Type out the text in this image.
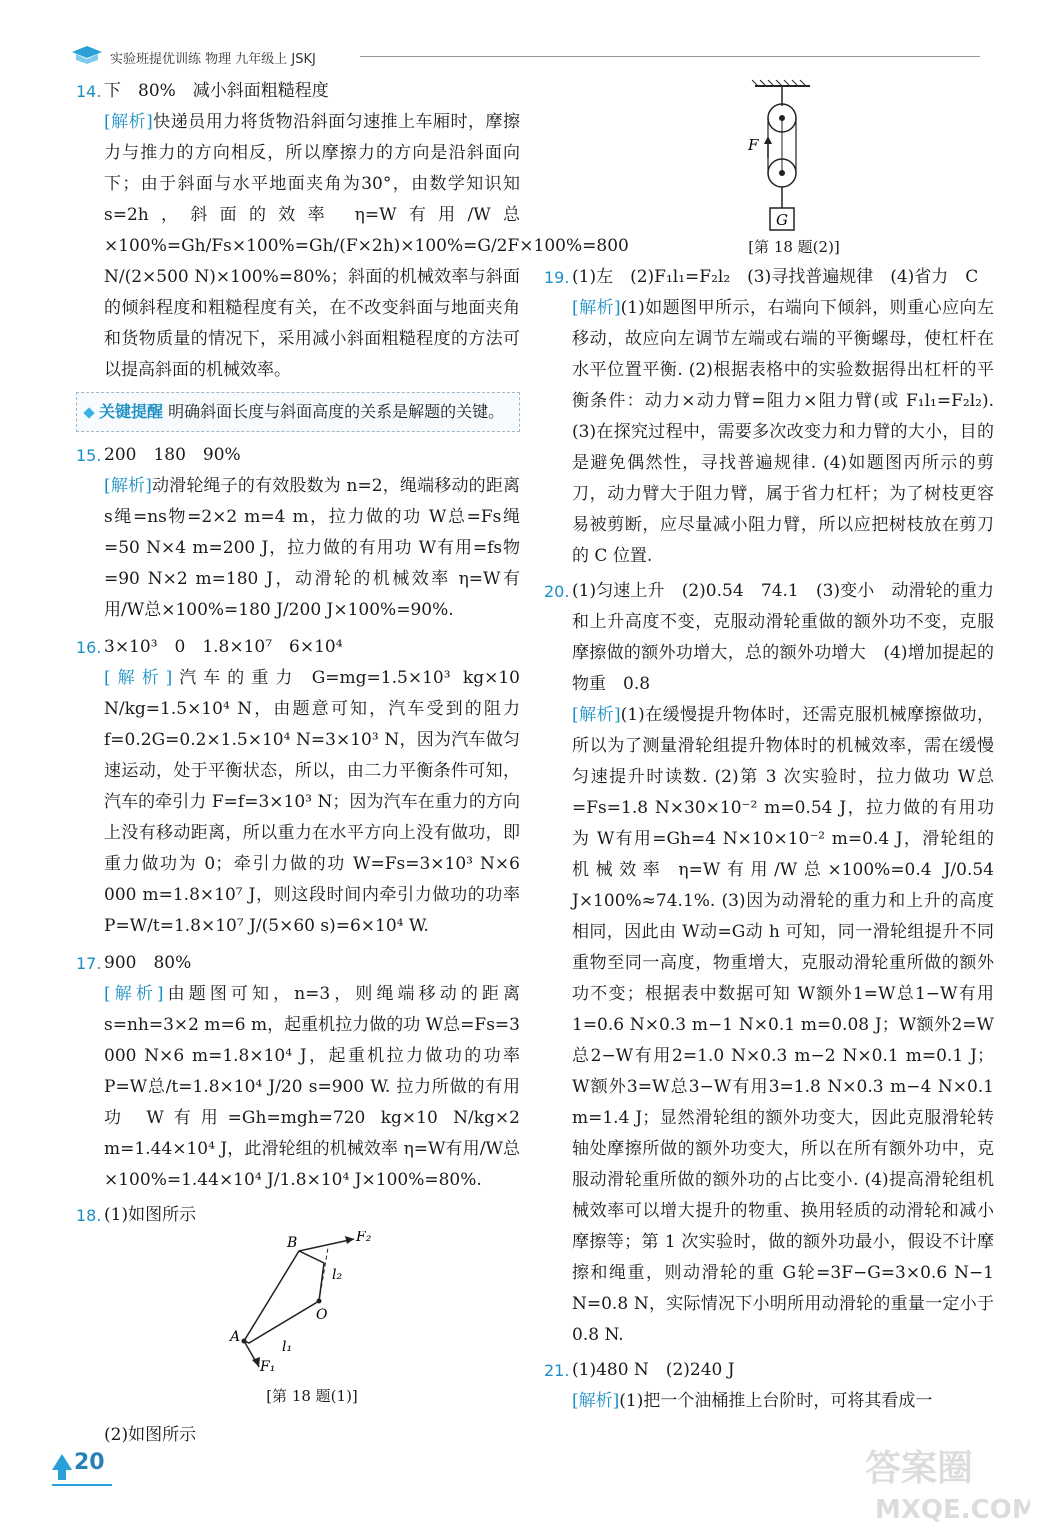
实验班提优训练 物理 九年级上 JSKJ
14. 下　80%　减小斜面粗糙程度

[解析]快递员用力将货物沿斜面匀速推上车厢时，摩擦力与推力的方向相反，所以摩擦力的方向是沿斜面向下；由于斜面与水平地面夹角为30°，由数学知识知 s=2h，斜面的效率 η=W有用/W总×100%=Gh/Fs×100%=Gh/(F×2h)×100%=G/2F×100%=800 N/(2×500 N)×100%=80%；斜面的机械效率与斜面的倾斜程度和粗糙程度有关，在不改变斜面与地面夹角和货物质量的情况下，采用减小斜面粗糙程度的方法可以提高斜面的机械效率。

关键提醒 明确斜面长度与斜面高度的关系是解题的关键。
15. 200　180　90%

[解析]动滑轮绳子的有效股数为 n=2，绳端移动的距离 s绳=ns物=2×2 m=4 m，拉力做的功 W总=Fs绳=50 N×4 m=200 J，拉力做的有用功 W有用=fs物=90 N×2 m=180 J，动滑轮的机械效率 η=W有用/W总×100%=180 J/200 J×100%=90%.

16. 3×10³　0　1.8×10⁷　6×10⁴

[解析]汽车的重力 G=mg=1.5×10³ kg×10 N/kg=1.5×10⁴ N，由题意可知，汽车受到的阻力 f=0.2G=0.2×1.5×10⁴ N=3×10³ N，因为汽车做匀速运动，处于平衡状态，所以，由二力平衡条件可知，汽车的牵引力 F=f=3×10³ N；因为汽车在重力的方向上没有移动距离，所以重力在水平方向上没有做功，即重力做功为 0；牵引力做的功 W=Fs=3×10³ N×6 000 m=1.8×10⁷ J，则这段时间内牵引力做功的功率 P=W/t=1.8×10⁷ J/(5×60 s)=6×10⁴ W.

17. 900　80%

[解析]由题图可知，n=3，则绳端移动的距离 s=nh=3×2 m=6 m，起重机拉力做的功 W总=Fs=3 000 N×6 m=1.8×10⁴ J，起重机拉力做功的功率 P=W总/t=1.8×10⁴ J/20 s=900 W. 拉力所做的有用功 W有用=Gh=mgh=720 kg×10 N/kg×2 m=1.44×10⁴ J，此滑轮组的机械效率 η=W有用/W总×100%=1.44×10⁴ J/1.8×10⁴ J×100%=80%.

18. (1)如图所示

B	F₂
l₂
O
A
l₁
F₁
[第 18 题(1)]

(2)如图所示

F
G
[第 18 题(2)]
19. (1)左　(2)F₁l₁=F₂l₂　(3)寻找普遍规律　(4)省力　C

[解析](1)如题图甲所示，右端向下倾斜，则重心应向左移动，故应向左调节左端或右端的平衡螺母，使杠杆在水平位置平衡. (2)根据表格中的实验数据得出杠杆的平衡条件：动力×动力臂=阻力×阻力臂(或 F₁l₁=F₂l₂). (3)在探究过程中，需要多次改变力和力臂的大小，目的是避免偶然性，寻找普遍规律. (4)如题图丙所示的剪刀，动力臂大于阻力臂，属于省力杠杆；为了树枝更容易被剪断，应尽量减小阻力臂，所以应把树枝放在剪刀的 C 位置.

20. (1)匀速上升　(2)0.54　74.1　(3)变小　动滑轮的重力和上升高度不变，克服动滑轮重做的额外功不变，克服摩擦做的额外功增大，总的额外功增大　(4)增加提起的物重　0.8

[解析](1)在缓慢提升物体时，还需克服机械摩擦做功，所以为了测量滑轮组提升物体时的机械效率，需在缓慢匀速提升时读数. (2)第 3 次实验时，拉力做功 W总=Fs=1.8 N×30×10⁻² m=0.54 J，拉力做的有用功为 W有用=Gh=4 N×10×10⁻² m=0.4 J，滑轮组的机械效率 η=W有用/W总×100%=0.4 J/0.54 J×100%≈74.1%. (3)因为动滑轮的重力和上升的高度相同，因此由 W动=G动 h 可知，同一滑轮组提升不同重物至同一高度，物重增大，克服动滑轮重所做的额外功不变；根据表中数据可知 W额外1=W总1−W有用1=0.6 N×0.3 m−1 N×0.1 m=0.08 J；W额外2=W总2−W有用2=1.0 N×0.3 m−2 N×0.1 m=0.1 J；W额外3=W总3−W有用3=1.8 N×0.3 m−4 N×0.1 m=1.4 J；显然滑轮组的额外功变大，因此克服滑轮转轴处摩擦所做的额外功变大，所以在所有额外功中，克服动滑轮重所做的额外功的占比变小. (4)提高滑轮组机械效率可以增大提升的物重、换用轻质的动滑轮和减小摩擦等；第 1 次实验时，做的额外功最小，假设不计摩擦和绳重，则动滑轮的重 G轮=3F−G=3×0.6 N−1 N=0.8 N，实际情况下小明所用动滑轮的重量一定小于 0.8 N.

21. (1)480 N　(2)240 J

[解析](1)把一个油桶推上台阶时，可将其看成一

20	答案圈
MXQE.COM
